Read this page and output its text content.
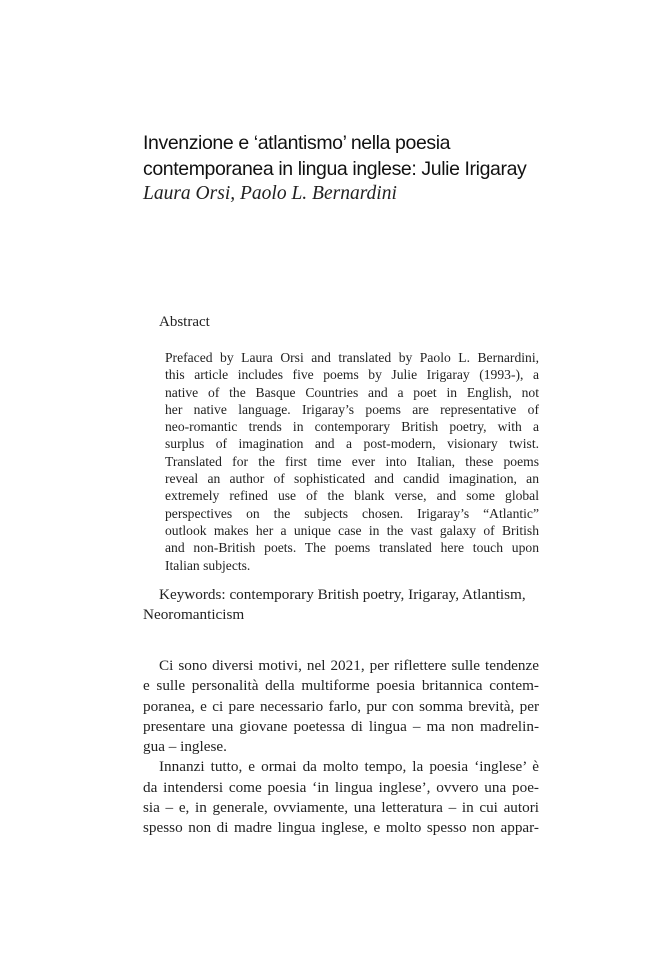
Invenzione e ‘atlantismo’ nella poesia
contemporanea in lingua inglese: Julie Irigaray

Laura Orsi, Paolo L. Bernardini

Abstract
Prefaced by Laura Orsi and translated by Paolo L. Bernardini,
this article includes five poems by Julie Irigaray (1993-), a
native of the Basque Countries and a poet in English, not
her native language. Irigaray’s poems are representative of
neo-romantic trends in contemporary British poetry, with a
surplus of imagination and a post-modern, visionary twist.
Translated for the first time ever into Italian, these poems
reveal an author of sophisticated and candid imagination, an
extremely refined use of the blank verse, and some global
perspectives on the subjects chosen. Irigaray’s “Atlantic”
outlook makes her a unique case in the vast galaxy of British
and non-British poets. The poems translated here touch upon
Italian subjects.
Keywords: contemporary British poetry, Irigaray, Atlantism,
Neoromanticism

Ci sono diversi motivi, nel 2021, per riflettere sulle tendenze
e sulle personalità della multiforme poesia britannica contem-
poranea, e ci pare necessario farlo, pur con somma brevità, per
presentare una giovane poetessa di lingua – ma non madrelin-
gua – inglese.

Innanzi tutto, e ormai da molto tempo, la poesia ‘inglese’ è
da intendersi come poesia ‘in lingua inglese’, ovvero una poe-
sia – e, in generale, ovviamente, una letteratura – in cui autori
spesso non di madre lingua inglese, e molto spesso non appar-
